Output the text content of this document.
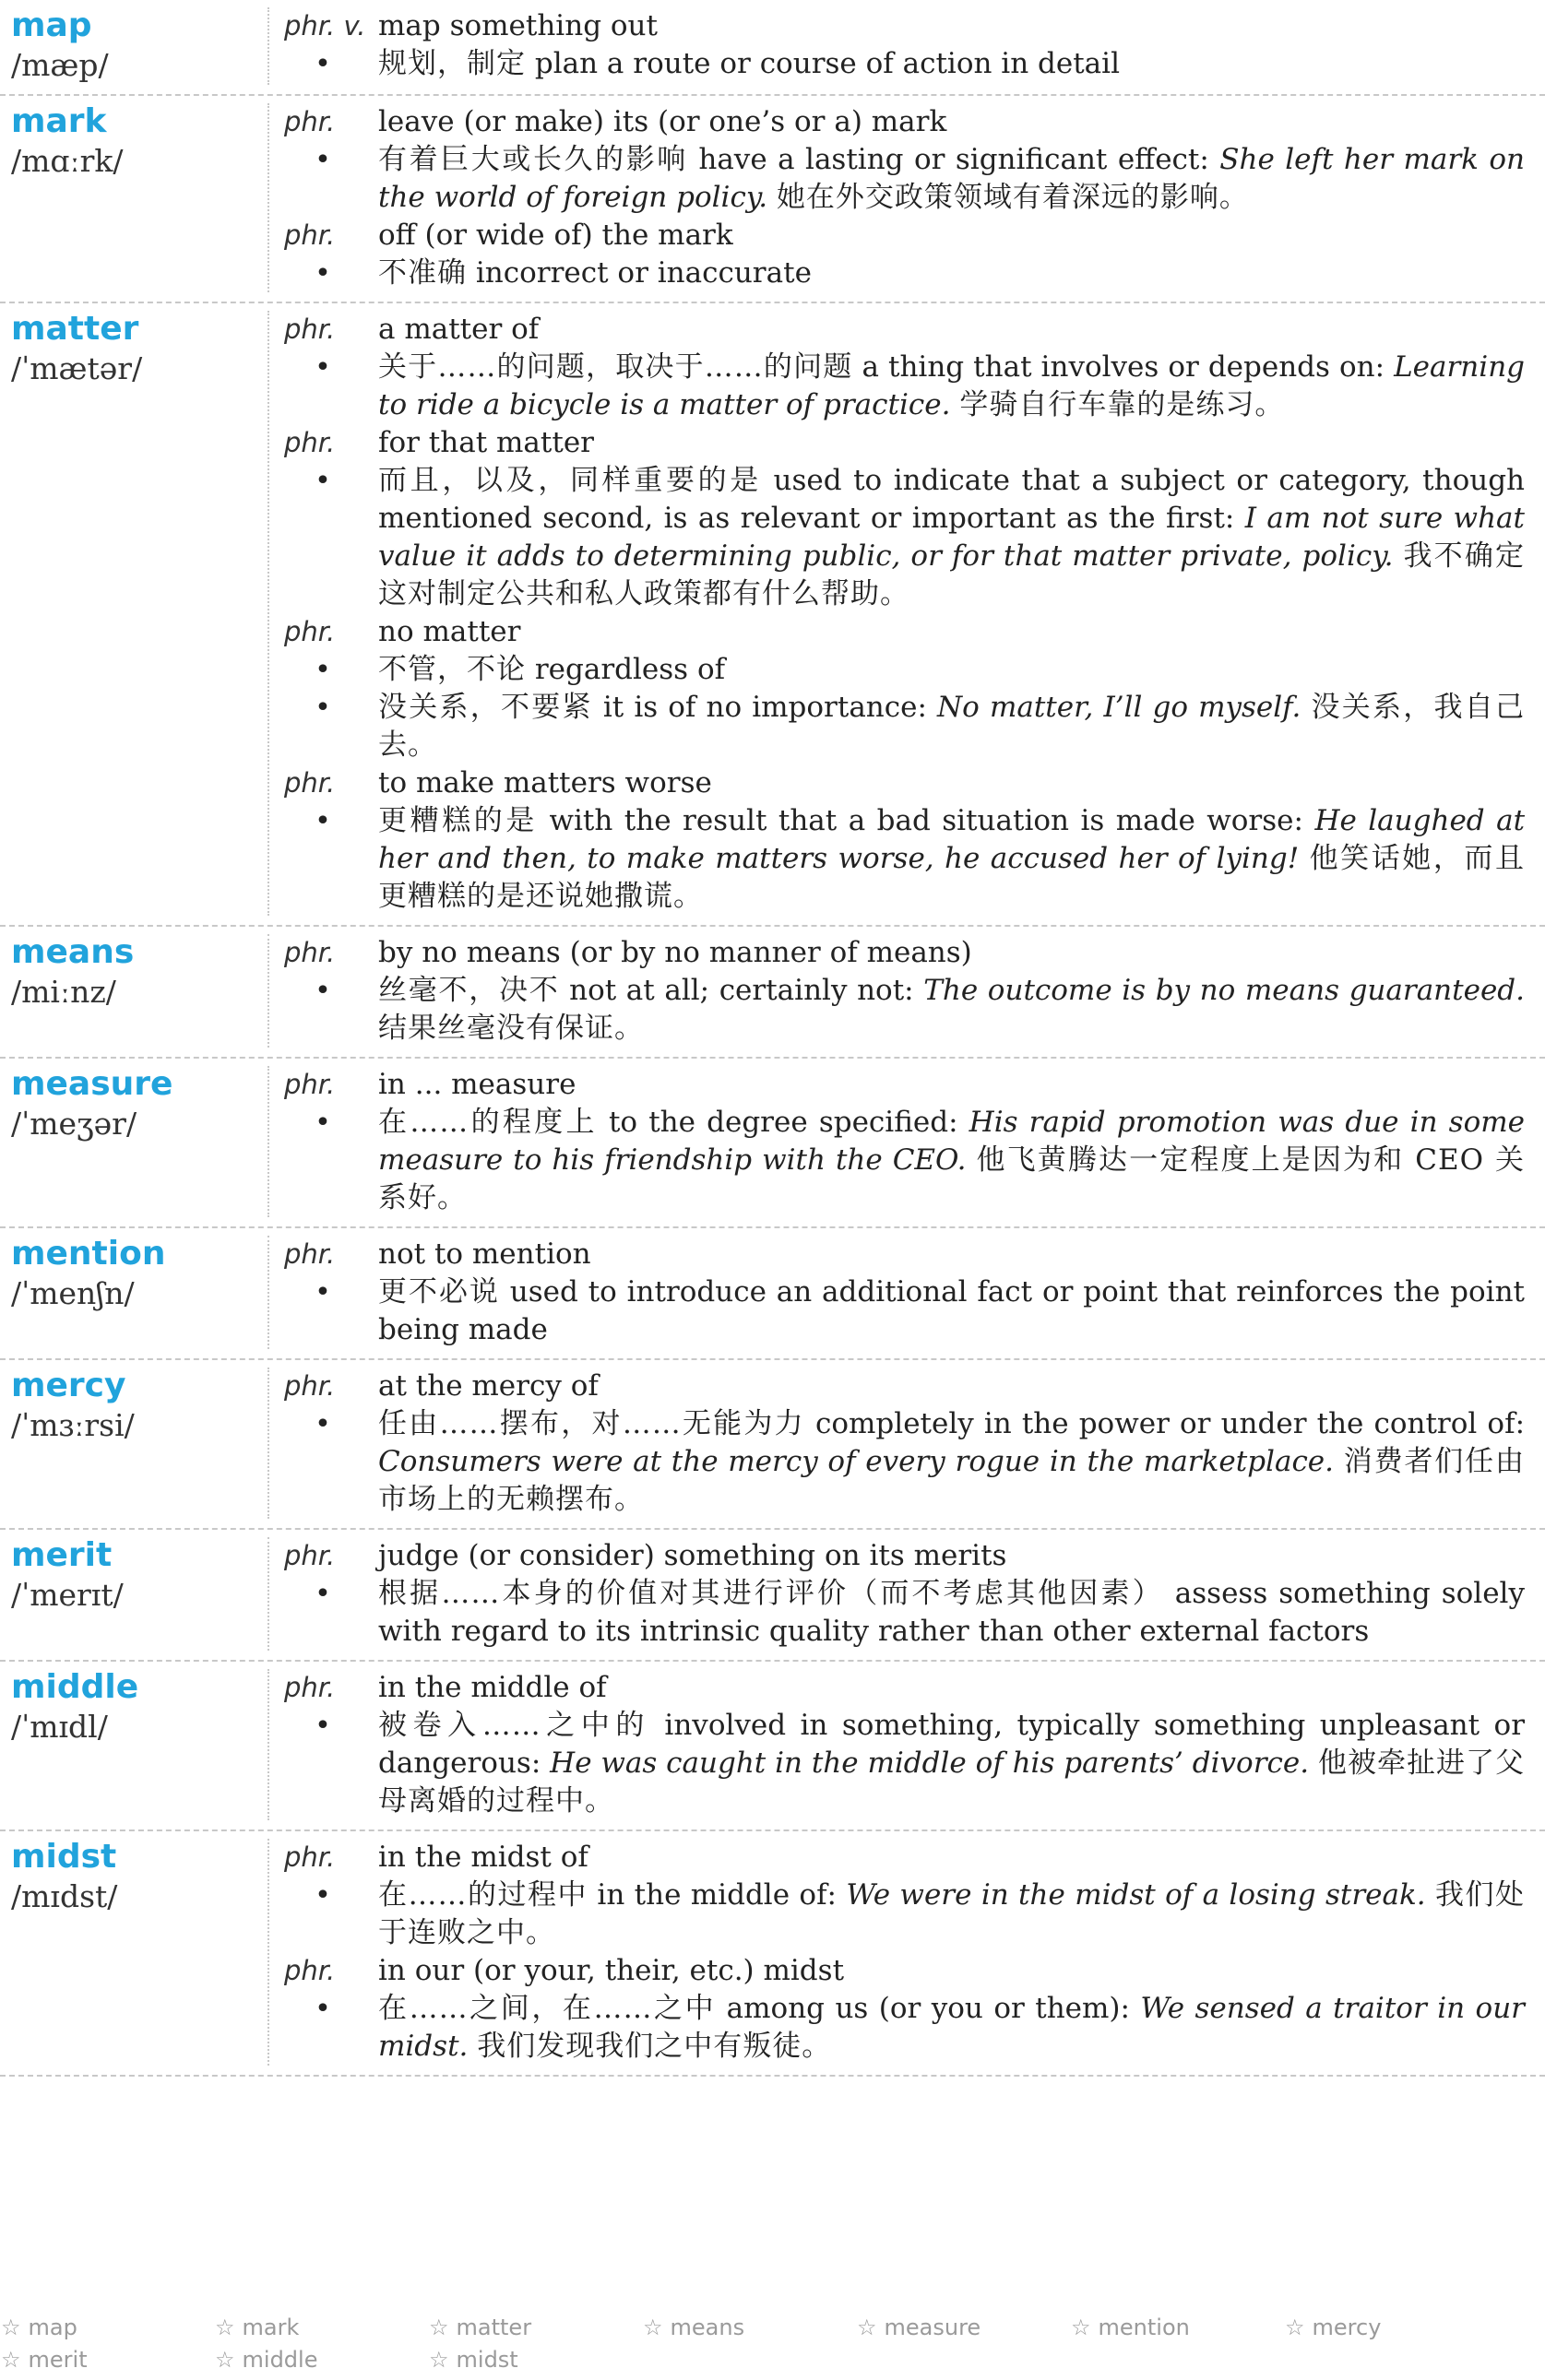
map
/mæp/
phr. v. map something out
•	规划，制定 plan a route or course of action in detail
mark
/mɑːrk/
phr.	leave (or make) its (or one’s or a) mark
•	有着巨大或长久的影响 have a lasting or significant effect: She left her mark on the world of foreign policy. 她在外交政策领域有着深远的影响。
phr.	off (or wide of) the mark
•	不准确 incorrect or inaccurate
matter
/ˈmætər/
phr.	a matter of
•	关于……的问题，取决于……的问题 a thing that involves or depends on: Learning to ride a bicycle is a matter of practice. 学骑自行车靠的是练习。
phr.	for that matter
•	而且，以及，同样重要的是 used to indicate that a subject or category, though mentioned second, is as relevant or important as the first: I am not sure what value it adds to determining public, or for that matter private, policy. 我不确定这对制定公共和私人政策都有什么帮助。
phr.	no matter
•	不管，不论 regardless of
•	没关系，不要紧 it is of no importance: No matter, I’ll go myself. 没关系，我自己去。
phr.	to make matters worse
•	更糟糕的是 with the result that a bad situation is made worse: He laughed at her and then, to make matters worse, he accused her of lying! 他笑话她，而且更糟糕的是还说她撒谎。
means
/miːnz/
phr.	by no means (or by no manner of means)
•	丝毫不，决不 not at all; certainly not: The outcome is by no means guaranteed. 结果丝毫没有保证。
measure
/ˈmeʒər/
phr.	in ... measure
•	在……的程度上 to the degree specified: His rapid promotion was due in some measure to his friendship with the CEO. 他飞黄腾达一定程度上是因为和 CEO 关系好。
mention
/ˈmenʃn/
phr.	not to mention
•	更不必说 used to introduce an additional fact or point that reinforces the point being made
mercy
/ˈmɜːrsi/
phr.	at the mercy of
•	任由……摆布，对……无能为力 completely in the power or under the control of: Consumers were at the mercy of every rogue in the marketplace. 消费者们任由市场上的无赖摆布。
merit
/ˈmerɪt/
phr.	judge (or consider) something on its merits
•	根据……本身的价值对其进行评价（而不考虑其他因素） assess something solely with regard to its intrinsic quality rather than other external factors
middle
/ˈmɪdl/
phr.	in the middle of
•	被卷入……之中的 involved in something, typically something unpleasant or dangerous: He was caught in the middle of his parents’ divorce. 他被牵扯进了父母离婚的过程中。
midst
/mɪdst/
phr.	in the midst of
•	在……的过程中 in the middle of: We were in the midst of a losing streak. 我们处于连败之中。
phr.	in our (or your, their, etc.) midst
•	在……之间，在……之中 among us (or you or them): We sensed a traitor in our midst. 我们发现我们之中有叛徒。
☆ map	☆ mark	☆ matter	☆ means	☆ measure	☆ mention	☆ mercy
☆ merit	☆ middle	☆ midst
